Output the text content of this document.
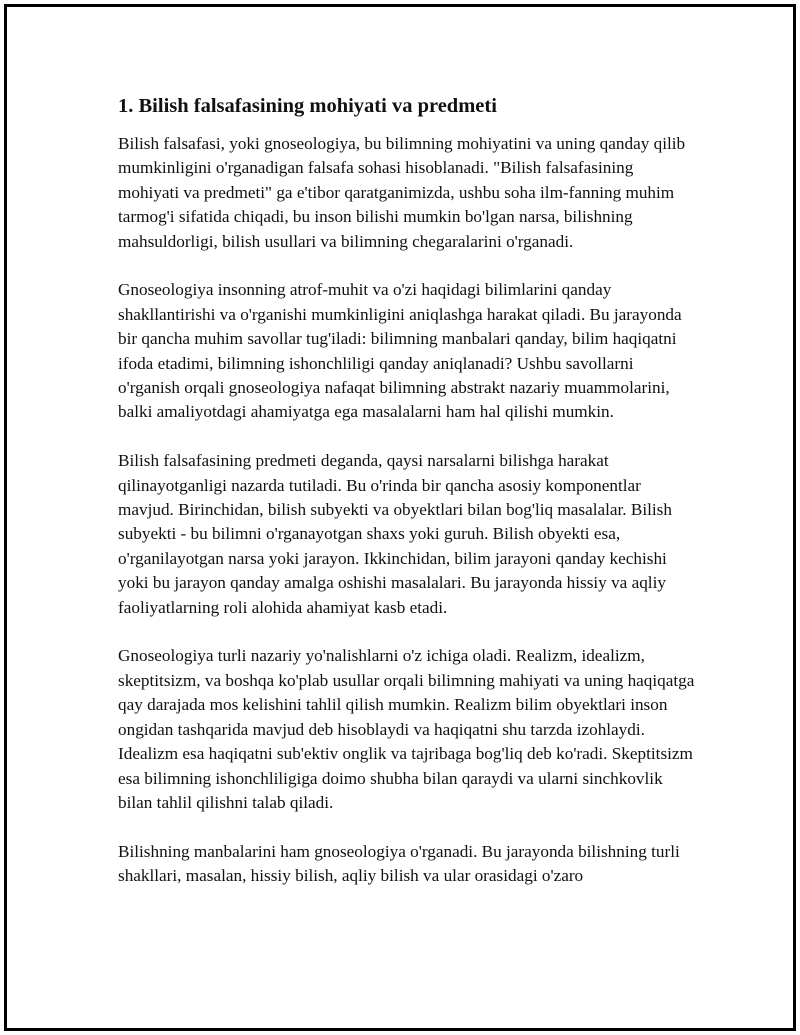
1. Bilish falsafasining mohiyati va predmeti

Bilish falsafasi, yoki gnoseologiya, bu bilimning mohiyatini va uning qanday qilib mumkinligini o'rganadigan falsafa sohasi hisoblanadi. "Bilish falsafasining mohiyati va predmeti" ga e'tibor qaratganimizda, ushbu soha ilm-fanning muhim tarmog'i sifatida chiqadi, bu inson bilishi mumkin bo'lgan narsa, bilishning mahsuldorligi, bilish usullari va bilimning chegaralarini o'rganadi.

Gnoseologiya insonning atrof-muhit va o'zi haqidagi bilimlarini qanday shakllantirishi va o'rganishi mumkinligini aniqlashga harakat qiladi. Bu jarayonda bir qancha muhim savollar tug'iladi: bilimning manbalari qanday, bilim haqiqatni ifoda etadimi, bilimning ishonchliligi qanday aniqlanadi? Ushbu savollarni o'rganish orqali gnoseologiya nafaqat bilimning abstrakt nazariy muammolarini, balki amaliyotdagi ahamiyatga ega masalalarni ham hal qilishi mumkin.

Bilish falsafasining predmeti deganda, qaysi narsalarni bilishga harakat qilinayotganligi nazarda tutiladi. Bu o'rinda bir qancha asosiy komponentlar mavjud. Birinchidan, bilish subyekti va obyektlari bilan bog'liq masalalar. Bilish subyekti - bu bilimni o'rganayotgan shaxs yoki guruh. Bilish obyekti esa, o'rganilayotgan narsa yoki jarayon. Ikkinchidan, bilim jarayoni qanday kechishi yoki bu jarayon qanday amalga oshishi masalalari. Bu jarayonda hissiy va aqliy faoliyatlarning roli alohida ahamiyat kasb etadi.

Gnoseologiya turli nazariy yo'nalishlarni o'z ichiga oladi. Realizm, idealizm, skeptitsizm, va boshqa ko'plab usullar orqali bilimning mahiyati va uning haqiqatga qay darajada mos kelishini tahlil qilish mumkin. Realizm bilim obyektlari inson ongidan tashqarida mavjud deb hisoblaydi va haqiqatni shu tarzda izohlaydi. Idealizm esa haqiqatni sub'ektiv onglik va tajribaga bog'liq deb ko'radi. Skeptitsizm esa bilimning ishonchliligiga doimo shubha bilan qaraydi va ularni sinchkovlik bilan tahlil qilishni talab qiladi.

Bilishning manbalarini ham gnoseologiya o'rganadi. Bu jarayonda bilishning turli shakllari, masalan, hissiy bilish, aqliy bilish va ular orasidagi o'zaro
